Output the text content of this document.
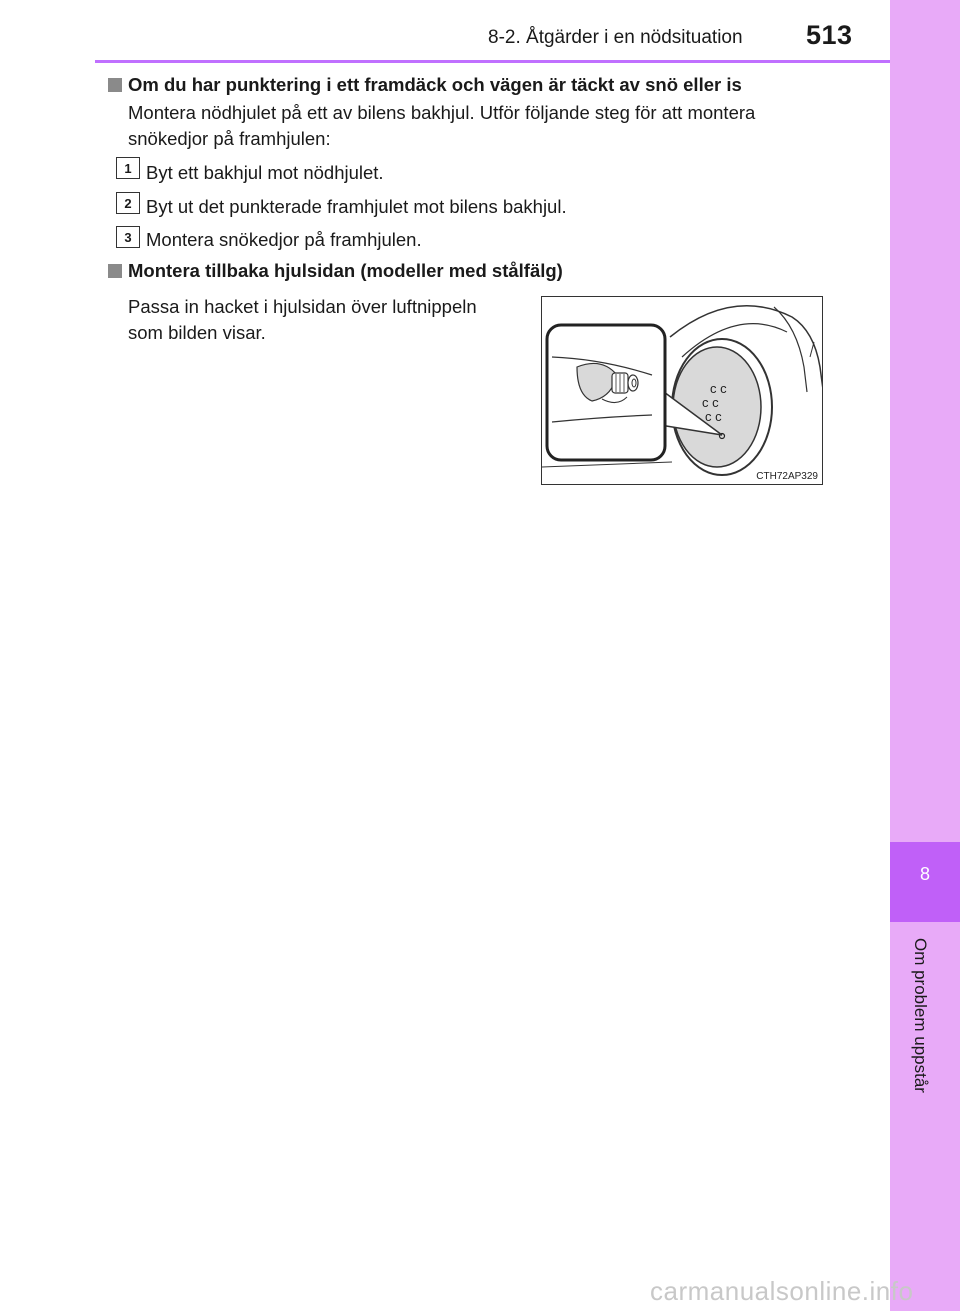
8-2. Åtgärder i en nödsituation 513
8
Om problem uppstår
Om du har punktering i ett framdäck och vägen är täckt av snö eller is
Montera nödhjulet på ett av bilens bakhjul. Utför följande steg för att montera
snökedjor på framhjulen:
1 Byt ett bakhjul mot nödhjulet.
2 Byt ut det punkterade framhjulet mot bilens bakhjul.
3 Montera snökedjor på framhjulen.
Montera tillbaka hjulsidan (modeller med stålfälg)
Passa in hacket i hjulsidan över luftnippeln
som bilden visar.
c c
c c
c c
CTH72AP329
carmanualsonline.info
